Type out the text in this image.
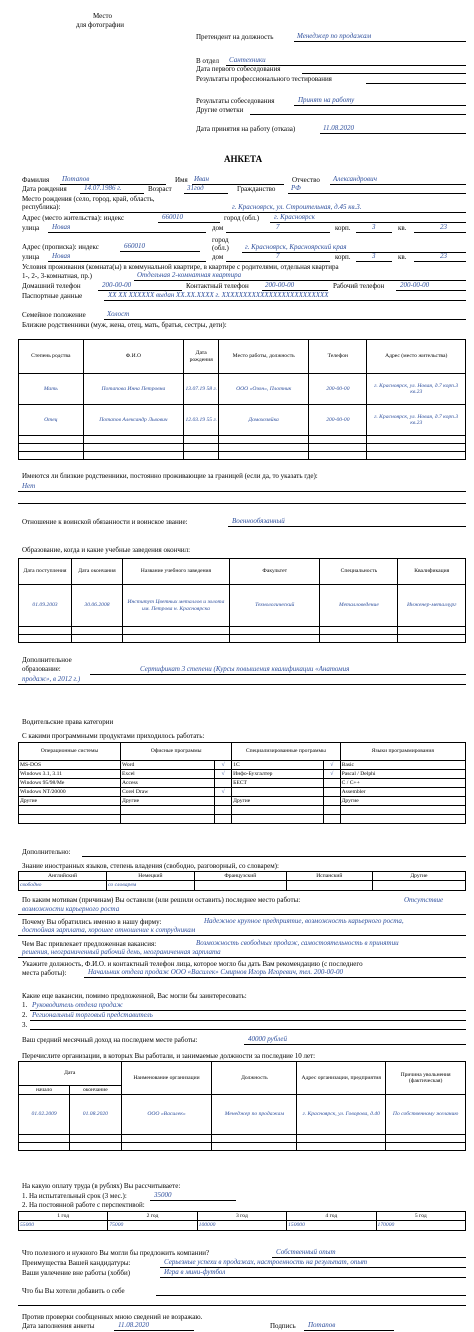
Место
для фотографии
Претендент на должность	Менеджер по продажам
В отдел Сантехники
Дата первого собеседования
Результаты профессионального тестирования
Результаты собеседования	Принят на работу
Другие отметки
Дата принятия на работу (отказа)	11.08.2020
АНКЕТА
Фамилия Потапов	Имя Иван	Отчество Александрович
Дата рождения 14.07.1986 г.	Возраст 31год	Гражданство РФ
Место рождения (село, город, край, область,
республика):	г. Красноярск, ул. Строительная, д.45 кв.3.
Адрес (место жительства): индекс	660010	город (обл.) г. Красноярск
улица Новая	дом	7	корп.	3	кв.	23
Адрес (прописка): индекс	660010
город
(обл.) г. Красноярск, Красноярский края
улица Новая	дом	7	корп.	3	кв.	23
Условия проживания (комната(ы) в коммунальной квартире, в квартире с родителями, отдельная квартира
1-, 2-, 3-комнатная, пр.)	Отдельная 2-комнатная квартира
Домашний телефон	200-00-00	Контактный телефон 200-00-00	Рабочий телефон 200-00-00
Паспортные данные	XX XX XXXXXX выдан XX.XX.XXXX г. XXXXXXXXXXXXXXXXXXXXXXXXX
Семейное положение	Холост
Близкие родственники (муж, жена, отец, мать, братья, сестры, дети):
Степень родства	Ф.И.О	Дата рождения	Место работы, должность	Телефон	Адрес (место жительства)
Мать	Потапова Инна Петровна	13.07.19 58 г.	ООО «Озон», Плотник	200-00-00	г. Красноярск, ул. Новая, д.7 корп.3 кв.23
Отец	Потапов Александр Львович	12.03.19 55 г.	Домохозяйка	200-00-00	г. Красноярск, ул. Новая, д.7 корп.3 кв.23

Имеются ли близкие родственники, постоянно проживающие за границей (если да, то указать где):
Нет
Отношение к воинской обязанности и воинское звание:	Военнообязанный
Образование, когда и какие учебные заведения окончил:
Дата поступления	Дата окончания	Название учебного заведения	Факультет	Специальность	Квалификация
01.09.2003	30.06.2008	Институт Цветных металлов и золота им. Петрова н. Красноярска	Технологический	Металловедение	Инженер-металлург

Дополнительное
образование:	Сертификат 3 степени (Курсы повышения квалификации «Анатомия
продаж», в 2012 г.)
Водительские права категории
С какими программными продуктами приходилось работать:
Операционные системы	Офисные программы		Специализированные программы		Языки программирования
MS-DOS	Word	√	1С	√	Basic
Windows 3.1, 3.11	Excel	√	Инфо-Бухгалтер	√	Pascal / Delphi
Windows 95/98/Me	Access		БЕСТ		С / С++
Windows NT/20000	Corel Draw	√			Assembler
Другие	Другие		Другие		Другие

Дополнительно:
Знание иностранных языков, степень владения (свободно, разговорный, со словарем):
Английский	Немецкий	Французский	Испанский	Другие
свободно	со словарем			
По каким мотивам (причинам) Вы оставили (или решили оставить) последнее место работы:	Отсутствие
возможности карьерного роста
Почему Вы обратились именно в нашу фирму:	Надежное крупное предприятие, возможность карьерного роста,
достойная зарплата, хорошее отношение к сотрудникам
Чем Вас привлекает предложенная вакансия:	Возможность свободных продаж, самостоятельность в принятии
решения, неограниченный рабочий день, неограниченная зарплата
Укажите должность, Ф.И.О. и контактный телефон лица, которое могло бы дать Вам рекомендацию (с последнего
места работы):	Начальник отдела продаж ООО «Василек» Смирнов Игорь Игоревич, тел. 200-00-00
Какие еще вакансии, помимо предложенной, Вас могли бы заинтересовать:
1. Руководитель отдела продаж
2. Региональный торговый представитель
3.
Ваш средний месячный доход на последнем месте работы:	40000 рублей
Перечислите организации, в которых Вы работали, и занимаемые должности за последние 10 лет:
Дата		Наименование организации	Должность	Адрес организации, предприятия	Причина увольнения (фактическая)
начало	окончание				
01.02.2009	01.08.2020	ООО «Василек»	Менеджер по продажам	г. Красноярск, ул. Говорова, д.40	По собственному желанию

На какую оплату труда (в рублях) Вы рассчитываете:
1. На испытательный срок (3 мес.):	35000
2. На постоянной работе с перспективой:
1 год	2 год	3 год	4 год	5 год
55000	75000	100000	150000	170000
Что полезного и нужного Вы могли бы предложить компании?	Собственный опыт
Преимущества Вашей кандидатуры:	Серьезные успехи в продажах, настроенность на результат, опыт
Ваши увлечение вне работы (хобби)	Игра в мини-футбол
Что бы Вы хотели добавить о себе
Против проверки сообщенных мною сведений не возражаю.
Дата заполнения анкеты	11.08.2020	Подпись Потапов
